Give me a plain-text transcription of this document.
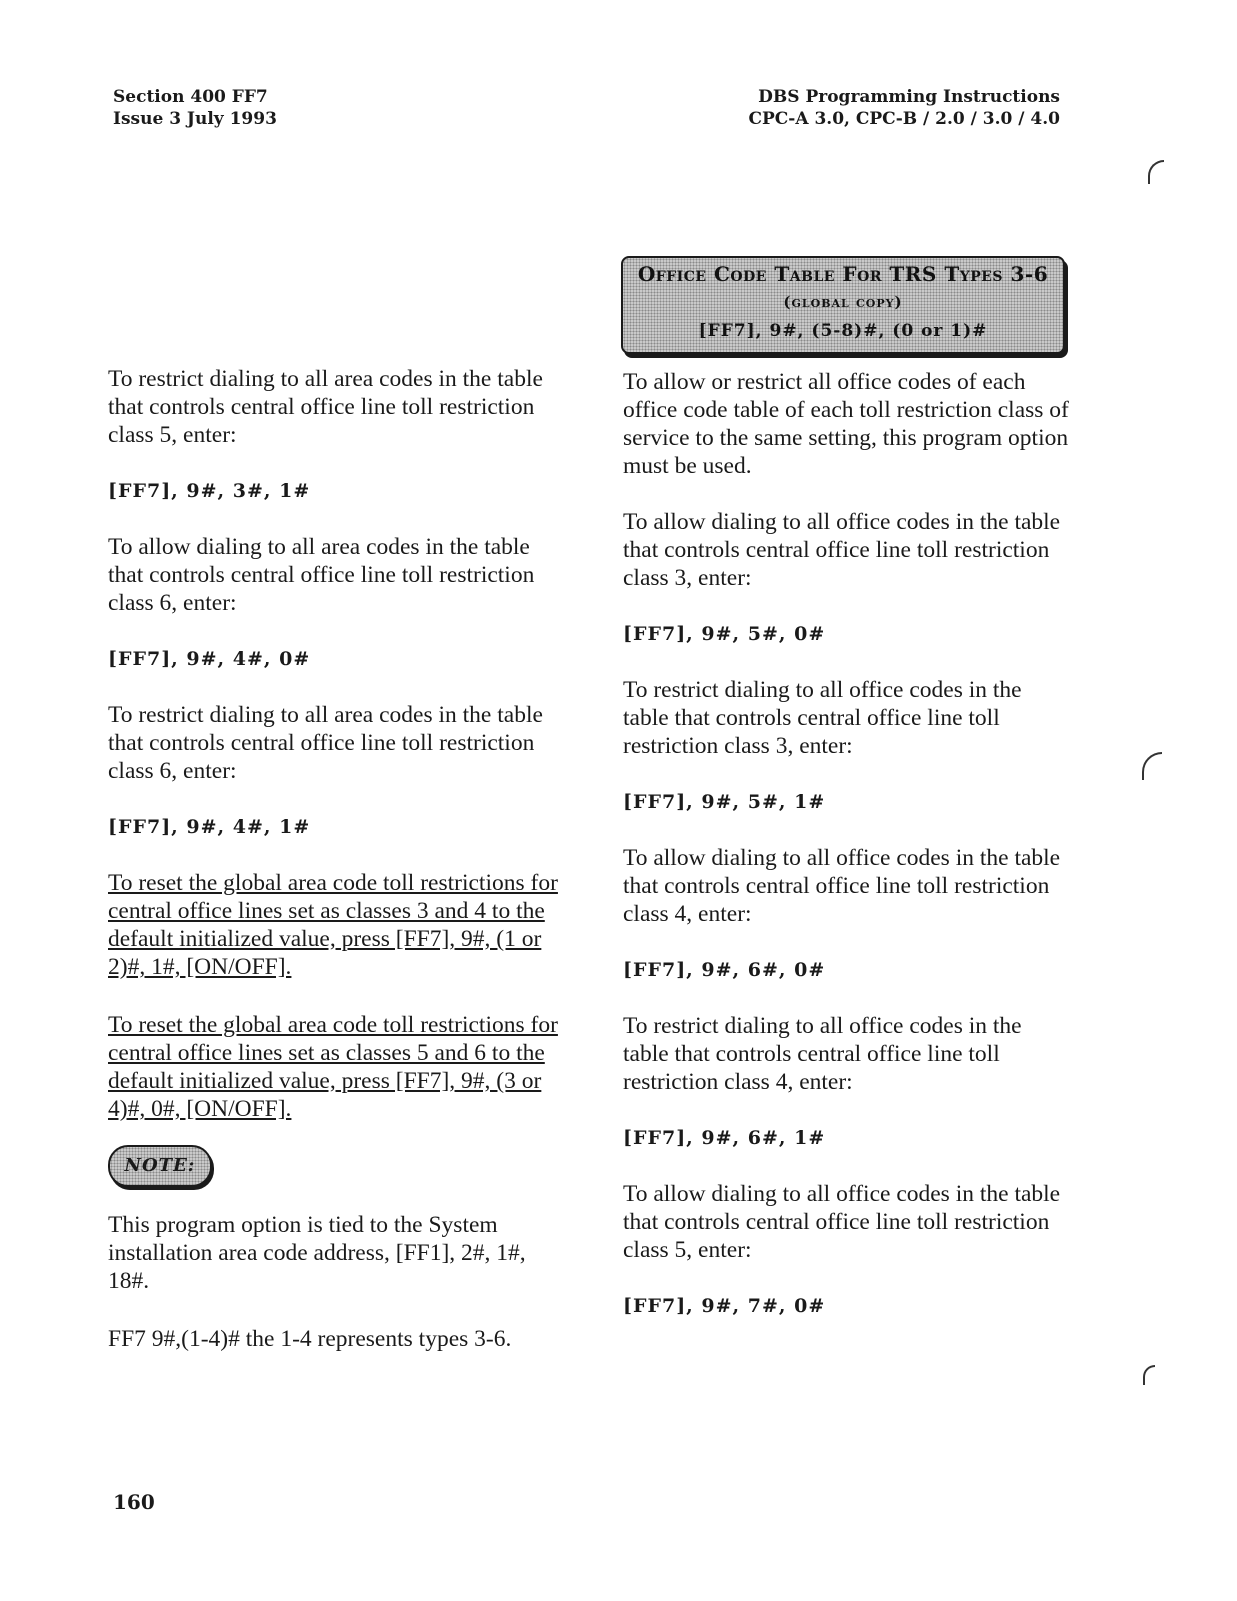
Section 400 FF7
Issue 3 July 1993
DBS Programming Instructions
CPC-A 3.0, CPC-B / 2.0 / 3.0 / 4.0
Office Code Table For TRS Types 3-6
(global copy)
[FF7], 9#, (5-8)#, (0 or 1)#

To restrict dialing to all area codes in the table that controls central office line toll restriction class 5, enter:

[FF7], 9#, 3#, 1#

To allow dialing to all area codes in the table that controls central office line toll restriction class 6, enter:

[FF7], 9#, 4#, 0#

To restrict dialing to all area codes in the table that controls central office line toll restriction class 6, enter:

[FF7], 9#, 4#, 1#

To reset the global area code toll restrictions for central office lines set as classes 3 and 4 to the default initialized value, press [FF7], 9#, (1 or 2)#, 1#, [ON/OFF].

To reset the global area code toll restrictions for central office lines set as classes 5 and 6 to the default initialized value, press [FF7], 9#, (3 or 4)#, 0#, [ON/OFF].

NOTE:

This program option is tied to the System installation area code address, [FF1], 2#, 1#, 18#.

FF7 9#,(1-4)# the 1-4 represents types 3-6.

To allow or restrict all office codes of each office code table of each toll restriction class of service to the same setting, this program option must be used.

To allow dialing to all office codes in the table that controls central office line toll restriction class 3, enter:

[FF7], 9#, 5#, 0#

To restrict dialing to all office codes in the table that controls central office line toll restriction class 3, enter:

[FF7], 9#, 5#, 1#

To allow dialing to all office codes in the table that controls central office line toll restriction class 4, enter:

[FF7], 9#, 6#, 0#

To restrict dialing to all office codes in the table that controls central office line toll restriction class 4, enter:

[FF7], 9#, 6#, 1#

To allow dialing to all office codes in the table that controls central office line toll restriction class 5, enter:

[FF7], 9#, 7#, 0#

160
